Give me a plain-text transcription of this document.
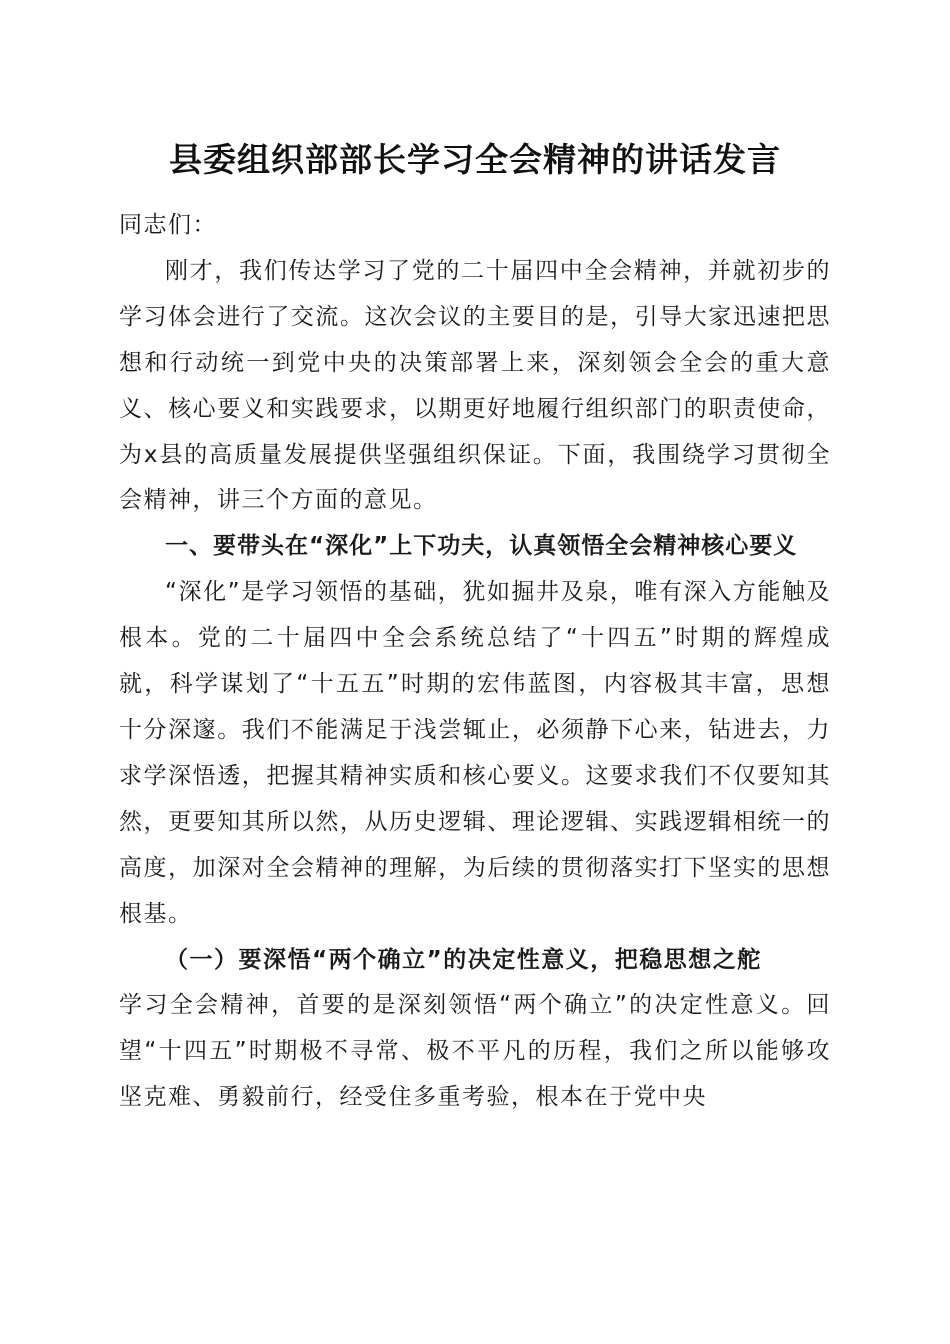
县委组织部部长学习全会精神的讲话发言

同志们：

刚才，我们传达学习了党的二十届四中全会精神，并就初步的学习体会进行了交流。这次会议的主要目的是，引导大家迅速把思想和行动统一到党中央的决策部署上来，深刻领会全会的重大意义、核心要义和实践要求，以期更好地履行组织部门的职责使命，为x县的高质量发展提供坚强组织保证。下面，我围绕学习贯彻全会精神，讲三个方面的意见。

一、要带头在“深化”上下功夫，认真领悟全会精神核心要义

“深化”是学习领悟的基础，犹如掘井及泉，唯有深入方能触及根本。党的二十届四中全会系统总结了“十四五”时期的辉煌成就，科学谋划了“十五五”时期的宏伟蓝图，内容极其丰富，思想十分深邃。我们不能满足于浅尝辄止，必须静下心来，钻进去，力求学深悟透，把握其精神实质和核心要义。这要求我们不仅要知其然，更要知其所以然，从历史逻辑、理论逻辑、实践逻辑相统一的高度，加深对全会精神的理解，为后续的贯彻落实打下坚实的思想根基。

（一）要深悟“两个确立”的决定性意义，把稳思想之舵

学习全会精神，首要的是深刻领悟“两个确立”的决定性意义。回望“十四五”时期极不寻常、极不平凡的历程，我们之所以能够攻坚克难、勇毅前行，经受住多重考验，根本在于党中央
